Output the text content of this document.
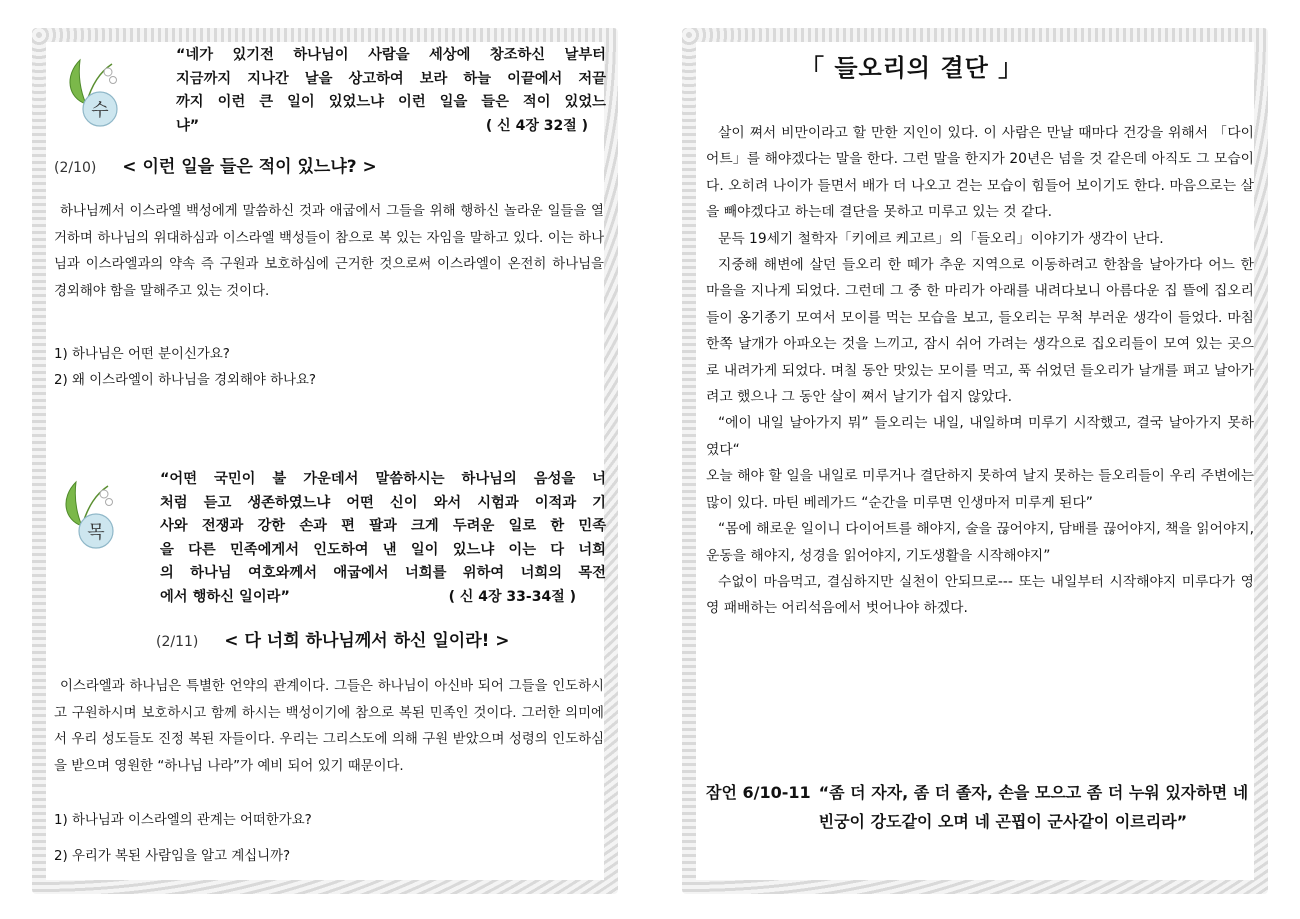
수
“네가 있기전 하나님이 사람을 세상에 창조하신 날부터
지금까지 지나간 날을 상고하여 보라 하늘 이끝에서 저끝
까지 이런 큰 일이 있었느냐 이런 일을 들은 적이 있었느
냐”	( 신 4장 32절 )
(2/10) < 이런 일을 들은 적이 있느냐? >

하나님께서 이스라엘 백성에게 말씀하신 것과 애굽에서 그들을 위해 행하신 놀라운 일들을 열거하며 하나님의 위대하심과 이스라엘 백성들이 참으로 복 있는 자임을 말하고 있다. 이는 하나님과 이스라엘과의 약속 즉 구원과 보호하심에 근거한 것으로써 이스라엘이 온전히 하나님을 경외해야 함을 말해주고 있는 것이다.

1) 하나님은 어떤 분이신가요?

2) 왜 이스라엘이 하나님을 경외해야 하나요?

목
“어떤 국민이 불 가운데서 말씀하시는 하나님의 음성을 너
처럼 듣고 생존하였느냐 어떤 신이 와서 시험과 이적과 기
사와 전쟁과 강한 손과 편 팔과 크게 두려운 일로 한 민족
을 다른 민족에게서 인도하여 낸 일이 있느냐 이는 다 너희
의 하나님 여호와께서 애굽에서 너희를 위하여 너희의 목전
에서 행하신 일이라”	( 신 4장 33-34절 )
(2/11) < 다 너희 하나님께서 하신 일이라! >

이스라엘과 하나님은 특별한 언약의 관계이다. 그들은 하나님이 아신바 되어 그들을 인도하시고 구원하시며 보호하시고 함께 하시는 백성이기에 참으로 복된 민족인 것이다. 그러한 의미에서 우리 성도들도 진정 복된 자들이다. 우리는 그리스도에 의해 구원 받았으며 성령의 인도하심을 받으며 영원한 “하나님 나라”가 예비 되어 있기 때문이다.

1) 하나님과 이스라엘의 관계는 어떠한가요?

2) 우리가 복된 사람임을 알고 계십니까?

「 들오리의 결단 」

살이 쪄서 비만이라고 할 만한 지인이 있다. 이 사람은 만날 때마다 건강을 위해서 「다이어트」를 해야겠다는 말을 한다. 그런 말을 한지가 20년은 넘을 것 같은데 아직도 그 모습이다. 오히려 나이가 들면서 배가 더 나오고 걷는 모습이 힘들어 보이기도 한다. 마음으로는 살을 빼야겠다고 하는데 결단을 못하고 미루고 있는 것 같다.

문득 19세기 철학자「키에르 케고르」의「들오리」이야기가 생각이 난다.

지중해 해변에 살던 들오리 한 떼가 추운 지역으로 이동하려고 한참을 날아가다 어느 한 마을을 지나게 되었다. 그런데 그 중 한 마리가 아래를 내려다보니 아름다운 집 뜰에 집오리들이 옹기종기 모여서 모이를 먹는 모습을 보고, 들오리는 무척 부러운 생각이 들었다. 마침 한쪽 날개가 아파오는 것을 느끼고, 잠시 쉬어 가려는 생각으로 집오리들이 모여 있는 곳으로 내려가게 되었다. 며칠 동안 맛있는 모이를 먹고, 푹 쉬었던 들오리가 날개를 펴고 날아가려고 했으나 그 동안 살이 쪄서 날기가 쉽지 않았다.

“에이 내일 날아가지 뭐” 들오리는 내일, 내일하며 미루기 시작했고, 결국 날아가지 못하였다“

오늘 해야 할 일을 내일로 미루거나 결단하지 못하여 날지 못하는 들오리들이 우리 주변에는 많이 있다. 마틴 베레가드 “순간을 미루면 인생마저 미루게 된다”

“몸에 해로운 일이니 다이어트를 해야지, 술을 끊어야지, 담배를 끊어야지, 책을 읽어야지, 운동을 해야지, 성경을 읽어야지, 기도생활을 시작해야지”

수없이 마음먹고, 결심하지만 실천이 안되므로--- 또는 내일부터 시작해야지 미루다가 영영 패배하는 어리석음에서 벗어나야 하겠다.

잠언 6/10-11 “좀 더 자자, 좀 더 졸자, 손을 모으고 좀 더 누워 있자하면 네 빈궁이 강도같이 오며 네 곤핍이 군사같이 이르리라”
